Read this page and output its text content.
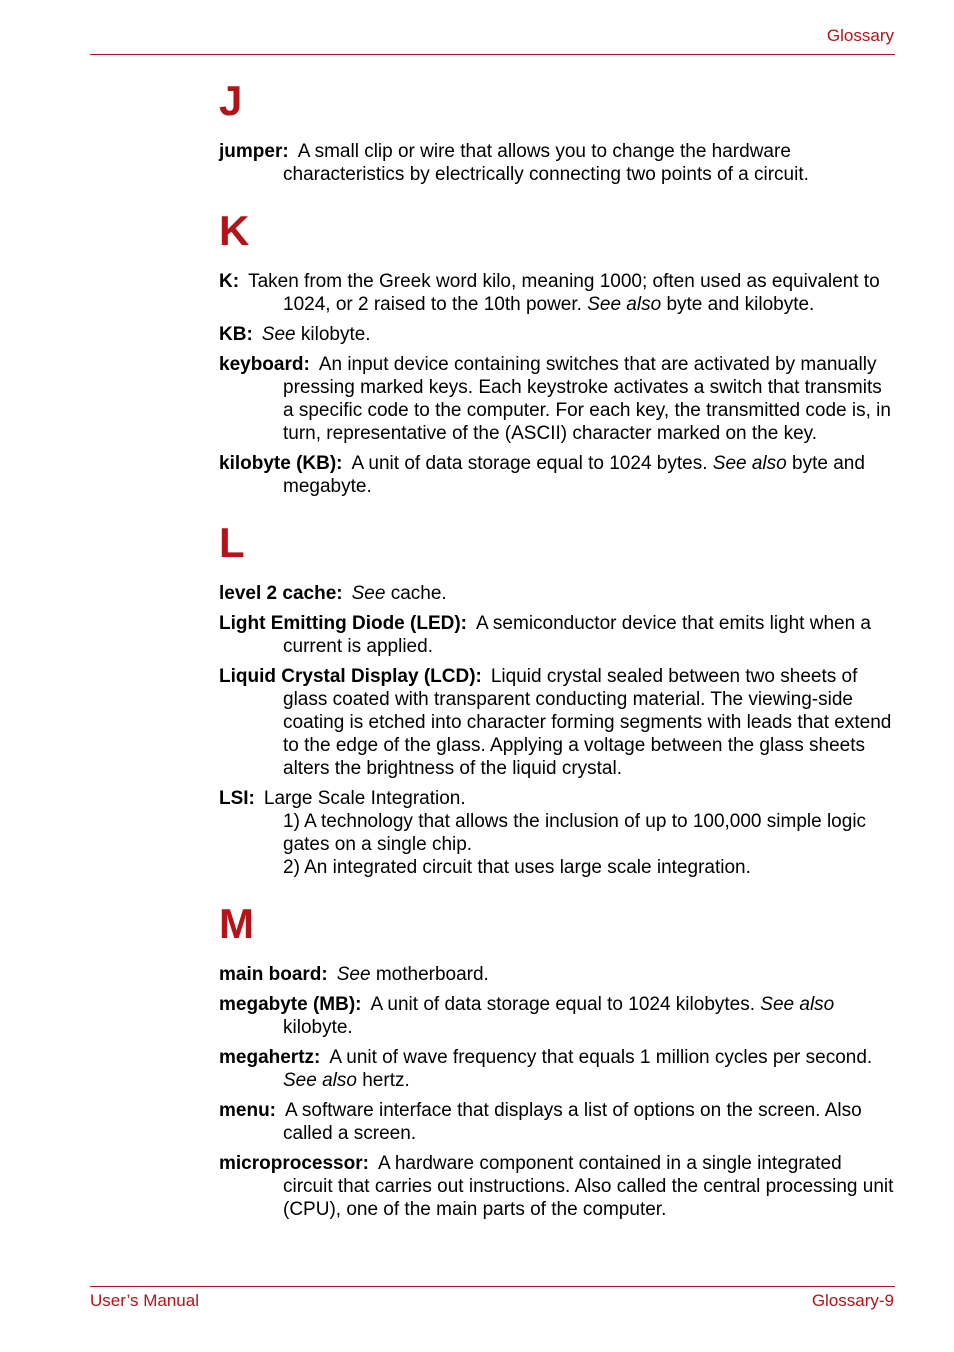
Glossary
J
jumper: A small clip or wire that allows you to change the hardware characteristics by electrically connecting two points of a circuit.
K
K: Taken from the Greek word kilo, meaning 1000; often used as equivalent to 1024, or 2 raised to the 10th power. See also byte and kilobyte.
KB: See kilobyte.
keyboard: An input device containing switches that are activated by manually pressing marked keys. Each keystroke activates a switch that transmits a specific code to the computer. For each key, the transmitted code is, in turn, representative of the (ASCII) character marked on the key.
kilobyte (KB): A unit of data storage equal to 1024 bytes. See also byte and megabyte.
L
level 2 cache: See cache.
Light Emitting Diode (LED): A semiconductor device that emits light when a current is applied.
Liquid Crystal Display (LCD): Liquid crystal sealed between two sheets of glass coated with transparent conducting material. The viewing-side coating is etched into character forming segments with leads that extend to the edge of the glass. Applying a voltage between the glass sheets alters the brightness of the liquid crystal.
LSI: Large Scale Integration.
1) A technology that allows the inclusion of up to 100,000 simple logic gates on a single chip.
2) An integrated circuit that uses large scale integration.
M
main board: See motherboard.
megabyte (MB): A unit of data storage equal to 1024 kilobytes. See also kilobyte.
megahertz: A unit of wave frequency that equals 1 million cycles per second. See also hertz.
menu: A software interface that displays a list of options on the screen. Also called a screen.
microprocessor: A hardware component contained in a single integrated circuit that carries out instructions. Also called the central processing unit (CPU), one of the main parts of the computer.
User’s Manual	Glossary-9
